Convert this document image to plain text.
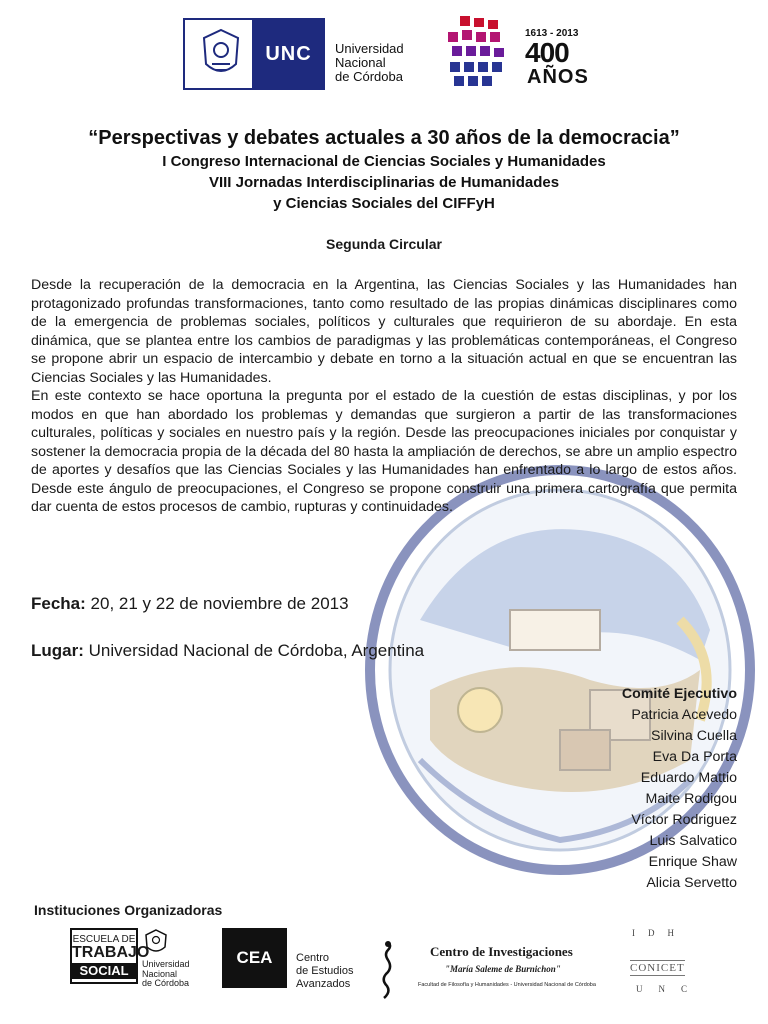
UNC	Universidad
Nacional
de Córdoba
1613 - 2013
400
AÑOS
“Perspectivas y debates actuales a 30 años de la democracia”
I Congreso Internacional de Ciencias Sociales y Humanidades
VIII Jornadas Interdisciplinarias de Humanidades
y Ciencias Sociales del CIFFyH
Segunda Circular

Desde la recuperación de la democracia en la Argentina, las Ciencias Sociales y las Humanidades han protagonizado profundas transformaciones, tanto como resultado de las propias dinámicas disciplinares como de la emergencia de problemas sociales, políticos y culturales que requirieron de su abordaje. En esta dinámica, que se plantea entre los cambios de paradigmas y las problemáticas contemporáneas, el Congreso se propone abrir un espacio de intercambio y debate en torno a la situación actual en que se encuentran las Ciencias Sociales y las Humanidades.

En este contexto se hace oportuna la pregunta por el estado de la cuestión de estas disciplinas, y por los modos en que han abordado los problemas y demandas que surgieron a partir de las transformaciones culturales, políticas y sociales en nuestro país y la región. Desde las preocupaciones iniciales por conquistar y sostener la democracia propia de la década del 80 hasta la ampliación de derechos, se abre un amplio espectro de aportes y desafíos que las Ciencias Sociales y las Humanidades han enfrentado a lo largo de estos años. Desde este ángulo de preocupaciones, el Congreso se propone construir una primera cartografía que permita dar cuenta de estos procesos de cambio, rupturas y continuidades.

Fecha: 20, 21 y 22 de noviembre de 2013
Lugar: Universidad Nacional de Córdoba, Argentina
Comité Ejecutivo
Patricia Acevedo
Silvina Cuella
Eva Da Porta
Eduardo Mattio
Maite Rodigou
Víctor Rodriguez
Luis Salvatico
Enrique Shaw
Alicia Servetto
Instituciones Organizadoras
ESCUELA DE
TRABAJO
SOCIAL	Universidad
Nacional
de Córdoba
CEA	Centro
de Estudios
Avanzados
Centro de Investigaciones
"María Saleme de Burnichon"
Facultad de Filosofía y Humanidades - Universidad Nacional de Córdoba
IDH
CONICET
UNC
